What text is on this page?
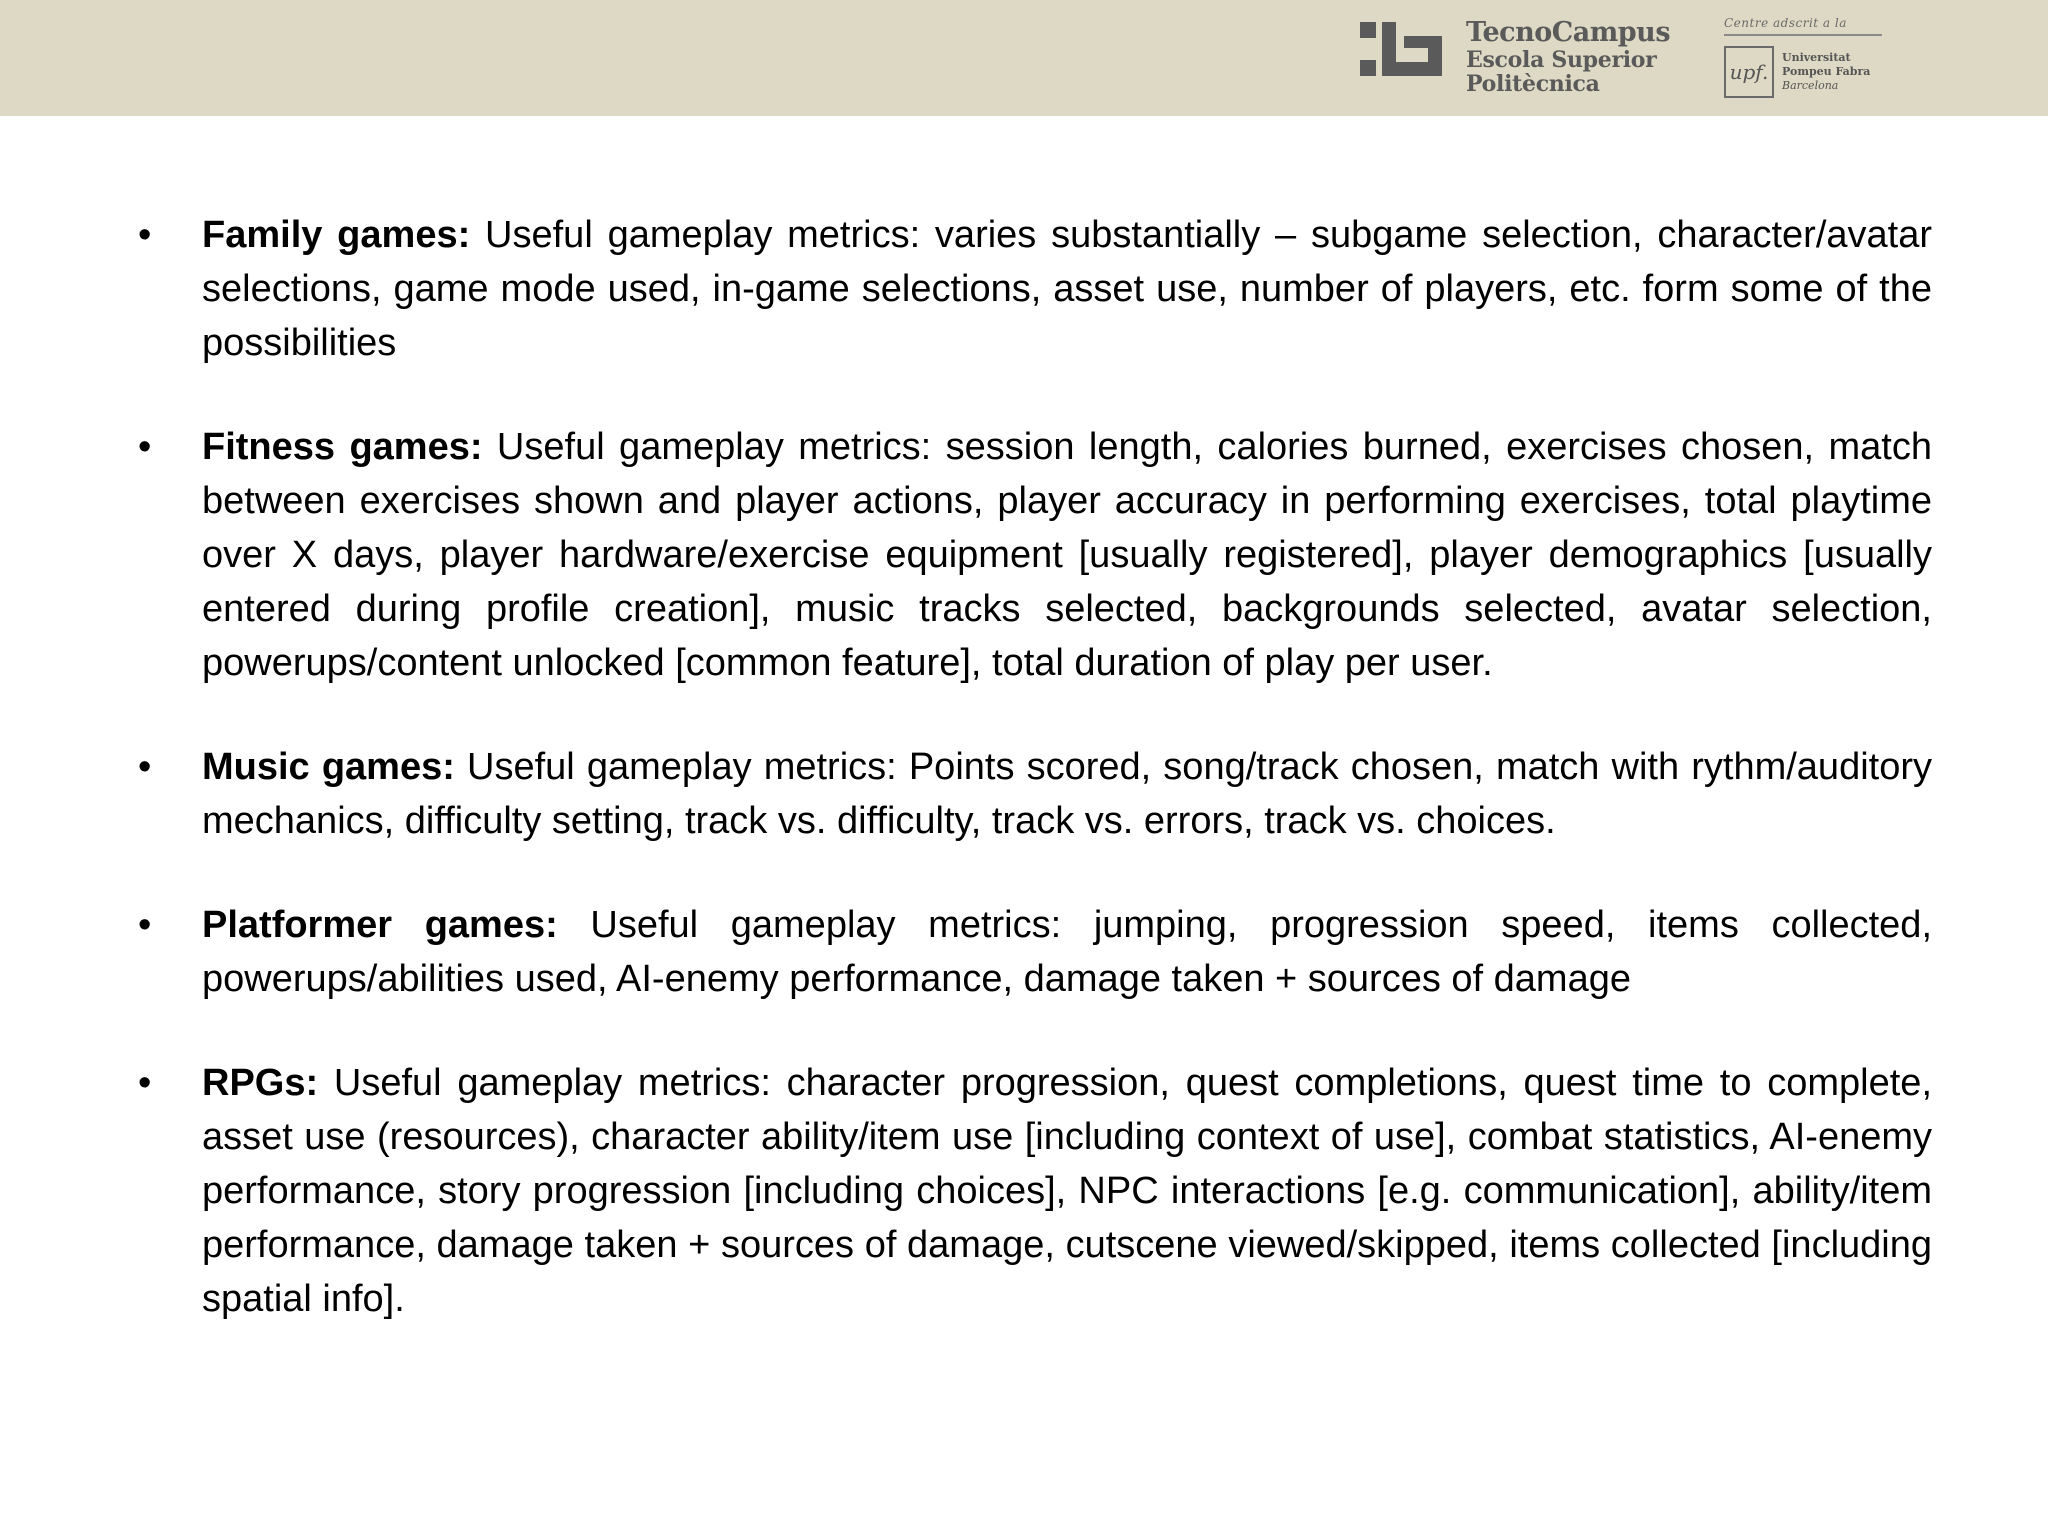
TecnoCampus
Escola Superior
Politècnica
Centre adscrit a la
upf.
Universitat
Pompeu Fabra
Barcelona
• Family games: Useful gameplay metrics: varies substantially – subgame selection, character/avatar selections, game mode used, in-game selections, asset use, number of players, etc. form some of the possibilities
• Fitness games: Useful gameplay metrics: session length, calories burned, exercises chosen, match between exercises shown and player actions, player accuracy in performing exercises, total playtime over X days, player hardware/exercise equipment [usually registered], player demographics [usually entered during profile creation], music tracks selected, backgrounds selected, avatar selection, powerups/content unlocked [common feature], total duration of play per user.
• Music games: Useful gameplay metrics: Points scored, song/track chosen, match with rythm/auditory mechanics, difficulty setting, track vs. difficulty, track vs. errors, track vs. choices.
• Platformer games: Useful gameplay metrics: jumping, progression speed, items collected, powerups/abilities used, AI-enemy performance, damage taken + sources of damage
• RPGs: Useful gameplay metrics: character progression, quest completions, quest time to complete, asset use (resources), character ability/item use [including context of use], combat statistics, AI-enemy performance, story progression [including choices], NPC interactions [e.g. communication], ability/item performance, damage taken + sources of damage, cutscene viewed/skipped, items collected [including spatial info].
